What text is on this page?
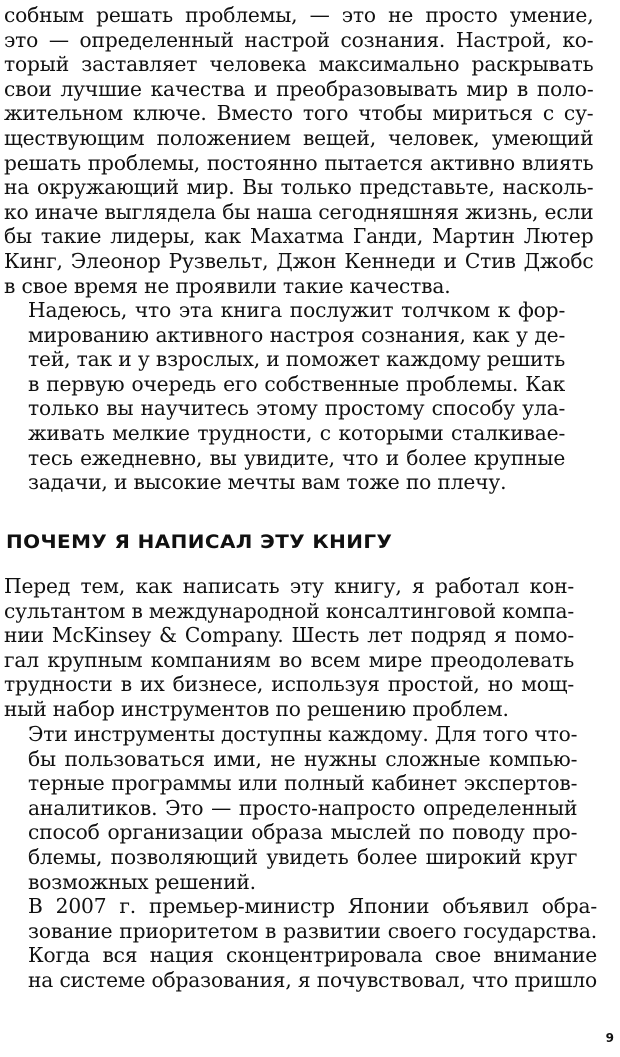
собным решать проблемы, — это не просто умение,
это — определенный настрой сознания. Настрой, ко-
торый заставляет человека максимально раскрывать
свои лучшие качества и преобразовывать мир в поло-
жительном ключе. Вместо того чтобы мириться с су-
ществующим положением вещей, человек, умеющий
решать проблемы, постоянно пытается активно влиять
на окружающий мир. Вы только представьте, насколь-
ко иначе выглядела бы наша сегодняшняя жизнь, если
бы такие лидеры, как Махатма Ганди, Мартин Лютер
Кинг, Элеонор Рузвельт, Джон Кеннеди и Стив Джобс
в свое время не проявили такие качества.

Надеюсь, что эта книга послужит толчком к фор-
мированию активного настроя сознания, как у де-
тей, так и у взрослых, и поможет каждому решить
в первую очередь его собственные проблемы. Как
только вы научитесь этому простому способу ула-
живать мелкие трудности, с которыми сталкивае-
тесь ежедневно, вы увидите, что и более крупные
задачи, и высокие мечты вам тоже по плечу.

ПОЧЕМУ Я НАПИСАЛ ЭТУ КНИГУ

Перед тем, как написать эту книгу, я работал кон-
сультантом в международной консалтинговой компа-
нии McKinsey & Company. Шесть лет подряд я помо-
гал крупным компаниям во всем мире преодолевать
трудности в их бизнесе, используя простой, но мощ-
ный набор инструментов по решению проблем.

Эти инструменты доступны каждому. Для того что-
бы пользоваться ими, не нужны сложные компью-
терные программы или полный кабинет экспертов-
аналитиков. Это — просто-напросто определенный
способ организации образа мыслей по поводу про-
блемы, позволяющий увидеть более широкий круг
возможных решений.

В 2007 г. премьер-министр Японии объявил обра-
зование приоритетом в развитии своего государства.
Когда вся нация сконцентрировала свое внимание
на системе образования, я почувствовал, что пришло

9
